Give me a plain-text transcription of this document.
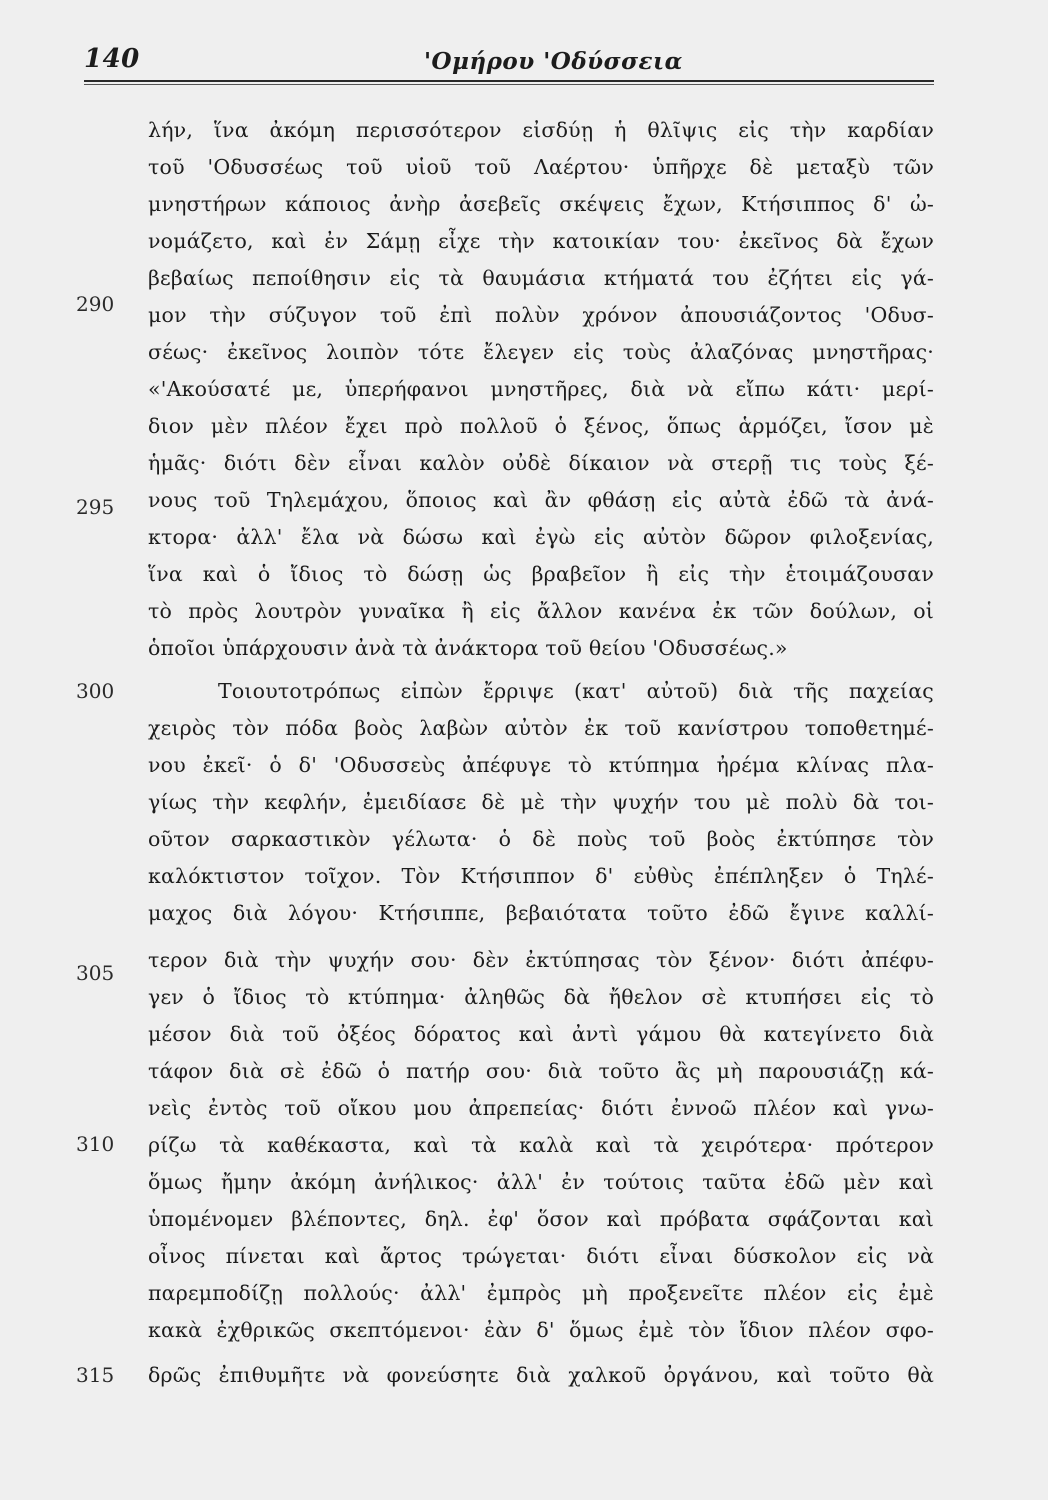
140	'Ομήρου 'Οδύσσεια
290
295
300
305
310
315
λήν, ἵνα ἀκόμη περισσότερον εἰσδύῃ ἡ θλῖψις εἰς τὴν καρδίαν
τοῦ 'Οδυσσέως τοῦ υἱοῦ τοῦ Λαέρτου· ὑπῆρχε δὲ μεταξὺ τῶν
μνηστήρων κάποιος ἀνὴρ ἀσεβεῖς σκέψεις ἔχων, Κτήσιππος δ' ὠ-
νομάζετο, καὶ ἐν Σάμῃ εἶχε τὴν κατοικίαν του· ἐκεῖνος δὰ ἔχων
βεβαίως πεποίθησιν εἰς τὰ θαυμάσια κτήματά του ἐζήτει εἰς γά-
μον τὴν σύζυγον τοῦ ἐπὶ πολὺν χρόνον ἀπουσιάζοντος 'Οδυσ-
σέως· ἐκεῖνος λοιπὸν τότε ἔλεγεν εἰς τοὺς ἀλαζόνας μνηστῆρας·
«'Ακούσατέ με, ὑπερήφανοι μνηστῆρες, διὰ νὰ εἴπω κάτι· μερί-
διον μὲν πλέον ἔχει πρὸ πολλοῦ ὁ ξένος, ὅπως ἁρμόζει, ἴσον μὲ
ἡμᾶς· διότι δὲν εἶναι καλὸν οὐδὲ δίκαιον νὰ στερῇ τις τοὺς ξέ-
νους τοῦ Τηλεμάχου, ὅποιος καὶ ἂν φθάσῃ εἰς αὐτὰ ἐδῶ τὰ ἀνά-
κτορα· ἀλλ' ἔλα νὰ δώσω καὶ ἐγὼ εἰς αὐτὸν δῶρον φιλοξενίας,
ἵνα καὶ ὁ ἴδιος τὸ δώσῃ ὡς βραβεῖον ἢ εἰς τὴν ἑτοιμάζουσαν
τὸ πρὸς λουτρὸν γυναῖκα ἢ εἰς ἄλλον κανένα ἐκ τῶν δούλων, οἱ
ὁποῖοι ὑπάρχουσιν ἀνὰ τὰ ἀνάκτορα τοῦ θείου 'Οδυσσέως.»
Τοιουτοτρόπως εἰπὼν ἔρριψε (κατ' αὐτοῦ) διὰ τῆς παχείας
χειρὸς τὸν πόδα βοὸς λαβὼν αὐτὸν ἐκ τοῦ κανίστρου τοποθετημέ-
νου ἐκεῖ· ὁ δ' 'Οδυσσεὺς ἀπέφυγε τὸ κτύπημα ἠρέμα κλίνας πλα-
γίως τὴν κεφλήν, ἐμειδίασε δὲ μὲ τὴν ψυχήν του μὲ πολὺ δὰ τοι-
οῦτον σαρκαστικὸν γέλωτα· ὁ δὲ ποὺς τοῦ βοὸς ἐκτύπησε τὸν
καλόκτιστον τοῖχον. Τὸν Κτήσιππον δ' εὐθὺς ἐπέπληξεν ὁ Τηλέ-
μαχος διὰ λόγου· Κτήσιππε, βεβαιότατα τοῦτο ἐδῶ ἔγινε καλλί-
τερον διὰ τὴν ψυχήν σου· δὲν ἐκτύπησας τὸν ξένον· διότι ἀπέφυ-
γεν ὁ ἴδιος τὸ κτύπημα· ἀληθῶς δὰ ἤθελον σὲ κτυπήσει εἰς τὸ
μέσον διὰ τοῦ ὀξέος δόρατος καὶ ἀντὶ γάμου θὰ κατεγίνετο διὰ
τάφον διὰ σὲ ἐδῶ ὁ πατήρ σου· διὰ τοῦτο ἂς μὴ παρουσιάζῃ κά-
νεὶς ἐντὸς τοῦ οἴκου μου ἀπρεπείας· διότι ἐννοῶ πλέον καὶ γνω-
ρίζω τὰ καθέκαστα, καὶ τὰ καλὰ καὶ τὰ χειρότερα· πρότερον
ὅμως ἤμην ἀκόμη ἀνήλικος· ἀλλ' ἐν τούτοις ταῦτα ἐδῶ μὲν καὶ
ὑπομένομεν βλέποντες, δηλ. ἐφ' ὅσον καὶ πρόβατα σφάζονται καὶ
οἶνος πίνεται καὶ ἄρτος τρώγεται· διότι εἶναι δύσκολον εἰς νὰ
παρεμποδίζῃ πολλούς· ἀλλ' ἐμπρὸς μὴ προξενεῖτε πλέον εἰς ἐμὲ
κακὰ ἐχθρικῶς σκεπτόμενοι· ἐὰν δ' ὅμως ἐμὲ τὸν ἴδιον πλέον σφο-
δρῶς ἐπιθυμῆτε νὰ φονεύσητε διὰ χαλκοῦ ὀργάνου, καὶ τοῦτο θὰ
